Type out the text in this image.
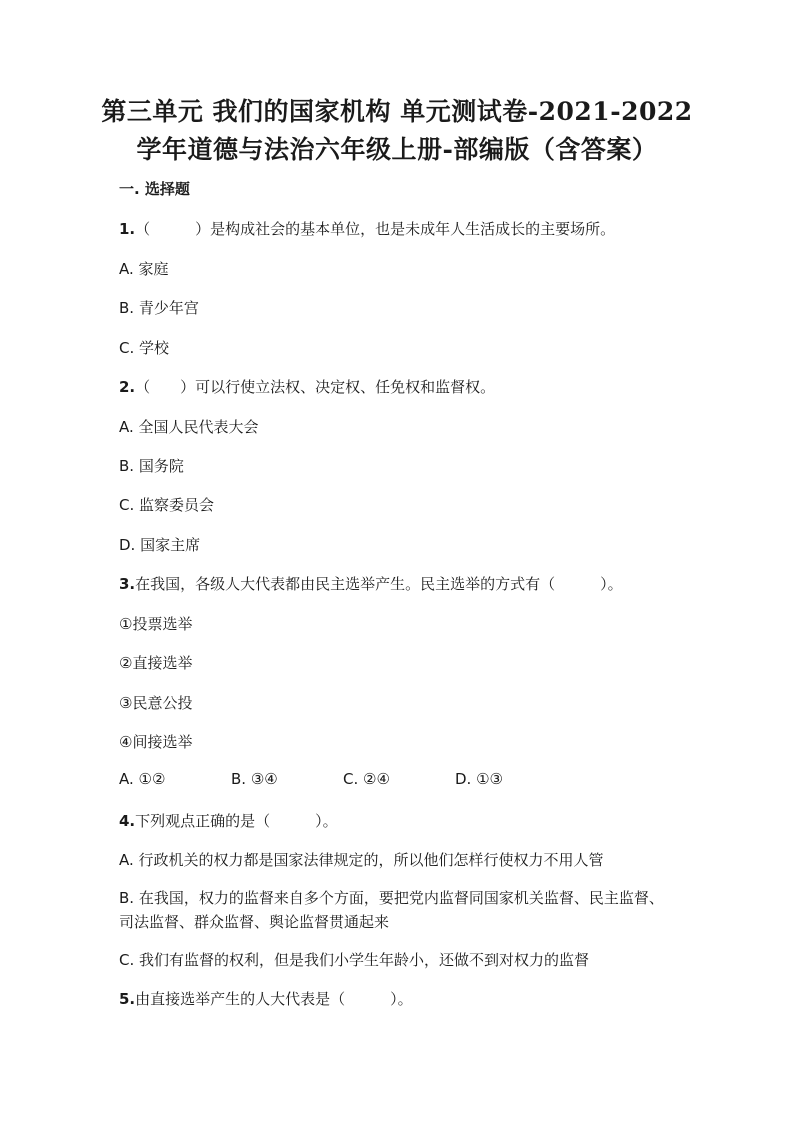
第三单元 我们的国家机构 单元测试卷-2021-2022
学年道德与法治六年级上册-部编版（含答案）
一. 选择题
1.（　　　）是构成社会的基本单位，也是未成年人生活成长的主要场所。
A. 家庭
B. 青少年宫
C. 学校
2.（　　）可以行使立法权、决定权、任免权和监督权。
A. 全国人民代表大会
B. 国务院
C. 监察委员会
D. 国家主席
3.在我国，各级人大代表都由民主选举产生。民主选举的方式有（　　　）。
①投票选举
②直接选举
③民意公投
④间接选举
A. ①②	B. ③④	C. ②④	D. ①③
4.下列观点正确的是（　　　）。
A. 行政机关的权力都是国家法律规定的，所以他们怎样行使权力不用人管
B. 在我国，权力的监督来自多个方面，要把党内监督同国家机关监督、民主监督、司法监督、群众监督、舆论监督贯通起来
C. 我们有监督的权利，但是我们小学生年龄小，还做不到对权力的监督
5.由直接选举产生的人大代表是（　　　）。
